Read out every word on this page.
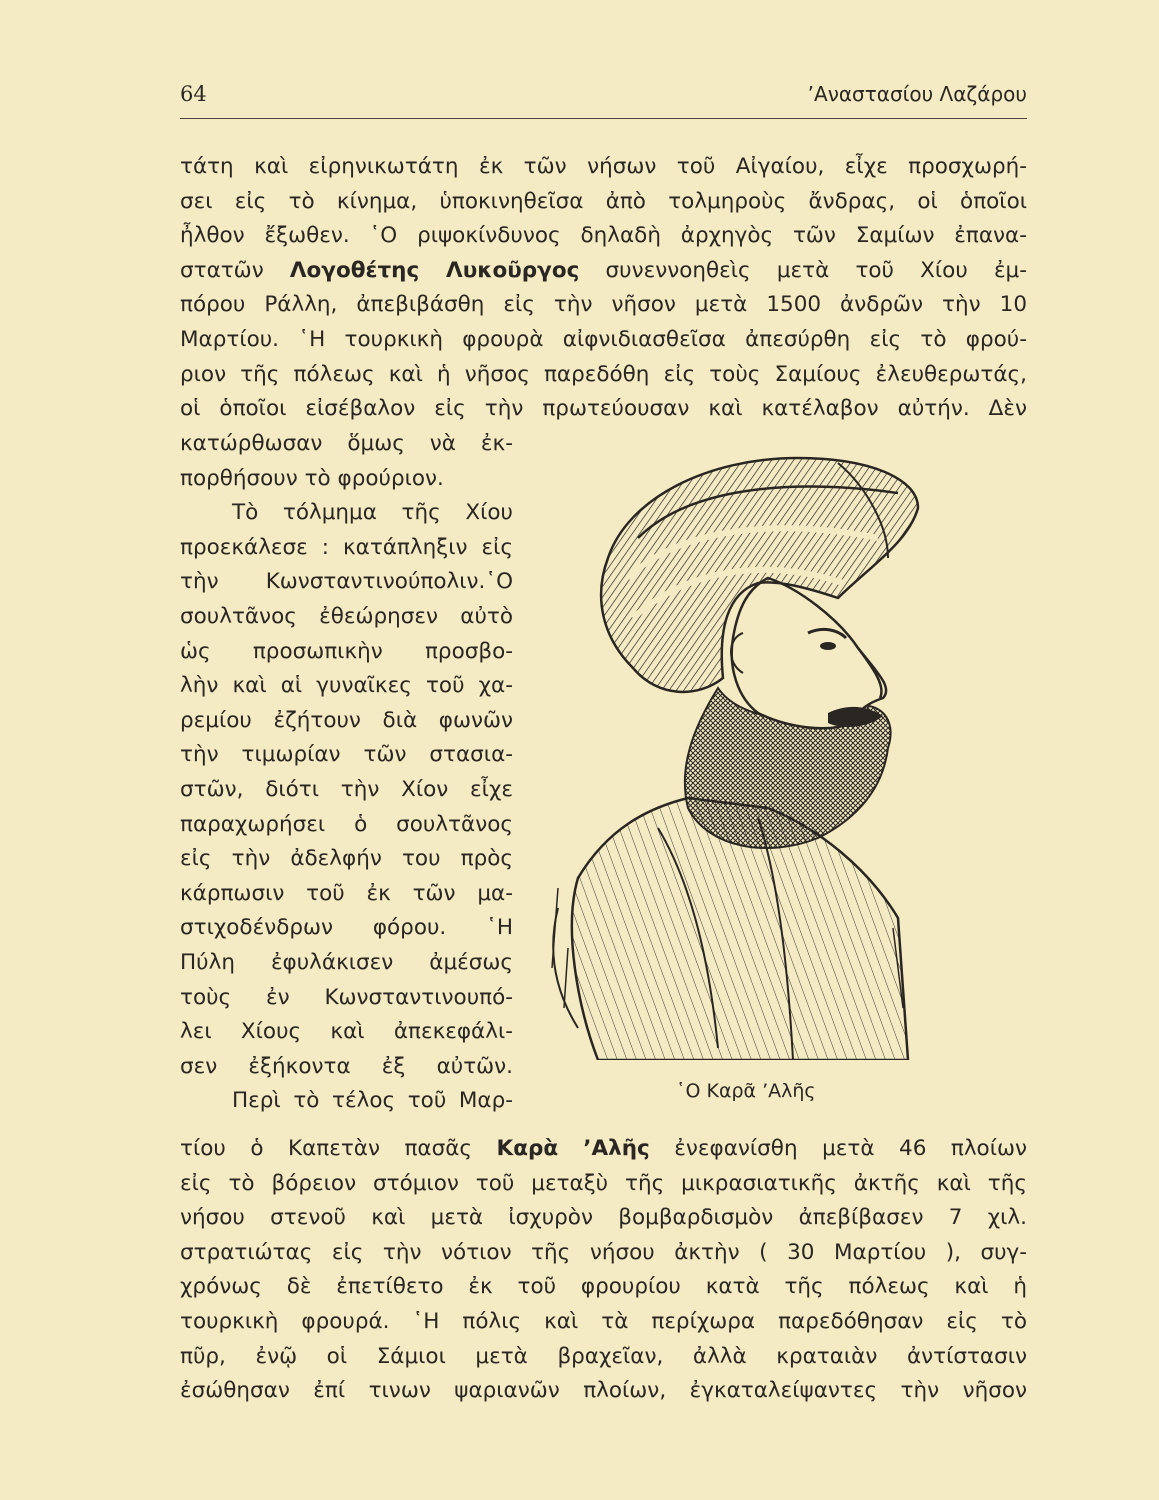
64	’Αναστασίου Λαζάρου
τάτη καὶ εἰρηνικωτάτη ἐκ τῶν νήσων τοῦ Αἰγαίου, εἶχε προσχωρή-
σει εἰς τὸ κίνημα, ὑποκινηθεῖσα ἀπὸ τολμηροὺς ἄνδρας, οἱ ὁποῖοι
ἦλθον ἔξωθεν. ῾Ο ριψοκίνδυνος δηλαδὴ ἀρχηγὸς τῶν Σαμίων ἐπανα-
στατῶν Λογοθέτης Λυκοῦργος συνεννοηθεὶς μετὰ τοῦ Χίου ἐμ-
πόρου Ράλλη, ἀπεβιβάσθη εἰς τὴν νῆσον μετὰ 1500 ἀνδρῶν τὴν 10
Μαρτίου. ῾Η τουρκικὴ φρουρὰ αἰφνιδιασθεῖσα ἀπεσύρθη εἰς τὸ φρού-
ριον τῆς πόλεως καὶ ἡ νῆσος παρεδόθη εἰς τοὺς Σαμίους ἐλευθερωτάς,
οἱ ὁποῖοι εἰσέβαλον εἰς τὴν πρωτεύουσαν καὶ κατέλαβον αὐτήν. Δὲν
κατώρθωσαν ὅμως νὰ ἐκ-
πορθήσουν τὸ φρούριον.
Τὸ τόλμημα τῆς Χίου
πρoεκάλεσε : κατάπληξιν εἰς
τὴν Κωνσταντινούπολιν.῾Ο
σουλτᾶνος ἐθεώρησεν αὐτὸ
ὡς προσωπικὴν προσβο-
λὴν καὶ αἱ γυναῖκες τοῦ χα-
ρεμίου ἐζήτουν διὰ φωνῶν
τὴν τιμωρίαν τῶν στασια-
στῶν, διότι τὴν Χίον εἶχε
παραχωρήσει ὁ σουλτᾶνος
εἰς τὴν ἀδελφήν του πρὸς
κάρπωσιν τοῦ ἐκ τῶν μα-
στιχοδένδρων φόρου. ῾Η
Πύλη ἐφυλάκισεν ἀμέσως
τοὺς ἐν Κωνσταντινουπό-
λει Χίους καὶ ἀπεκεφάλι-
σεν ἐξήκοντα ἐξ αὐτῶν.
Περὶ τὸ τέλος τοῦ Μαρ-	῾Ο Καρᾶ ’Αλῆς
τίου ὁ Καπετὰν πασᾶς Καρὰ ’Αλῆς ἐνεφανίσθη μετὰ 46 πλοίων
εἰς τὸ βόρειον στόμιον τοῦ μεταξὺ τῆς μικρασιατικῆς ἀκτῆς καὶ τῆς
νήσου στενοῦ καὶ μετὰ ἰσχυρὸν βομβαρδισμὸν ἀπεβίβασεν 7 χιλ.
στρατιώτας εἰς τὴν νότιον τῆς νήσου ἀκτὴν ( 30 Μαρτίου ), συγ-
χρόνως δὲ ἐπετίθετο ἐκ τοῦ φρουρίου κατὰ τῆς πόλεως καὶ ἡ
τουρκικὴ φρουρά. ῾Η πόλις καὶ τὰ περίχωρα παρεδόθησαν εἰς τὸ
πῦρ, ἐνῷ οἱ Σάμιοι μετὰ βραχεῖαν, ἀλλὰ κραταιὰν ἀντίστασιν
ἐσώθησαν ἐπί τινων ψαριανῶν πλοίων, ἐγκαταλείψαντες τὴν νῆσον
